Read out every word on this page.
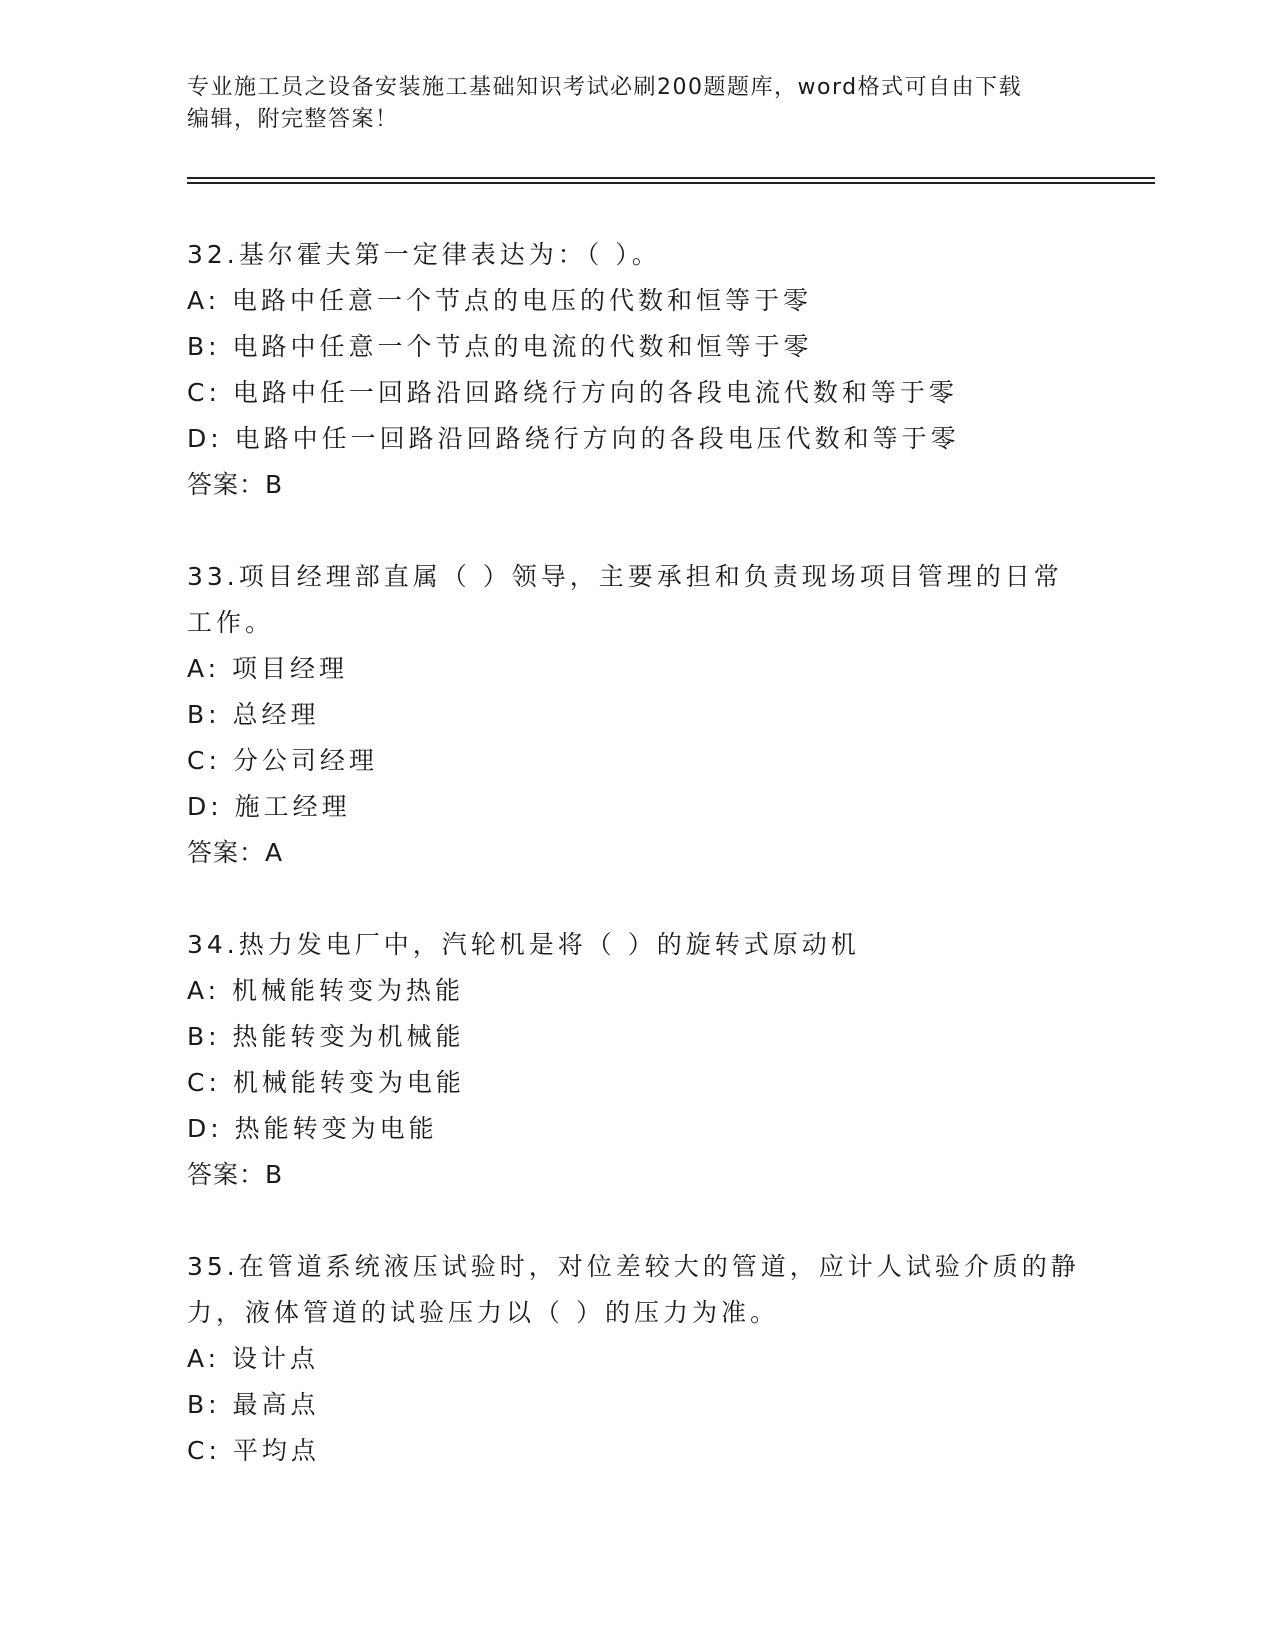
专业施工员之设备安装施工基础知识考试必刷200题题库，word格式可自由下载
编辑，附完整答案！
32.基尔霍夫第一定律表达为：（ ）。
A: 电路中任意一个节点的电压的代数和恒等于零
B: 电路中任意一个节点的电流的代数和恒等于零
C: 电路中任一回路沿回路绕行方向的各段电流代数和等于零
D: 电路中任一回路沿回路绕行方向的各段电压代数和等于零
答案：B
33.项目经理部直属（ ）领导，主要承担和负责现场项目管理的日常工作。
A: 项目经理
B: 总经理
C: 分公司经理
D: 施工经理
答案：A
34.热力发电厂中，汽轮机是将（ ）的旋转式原动机
A: 机械能转变为热能
B: 热能转变为机械能
C: 机械能转变为电能
D: 热能转变为电能
答案：B
35.在管道系统液压试验时，对位差较大的管道，应计人试验介质的静力，液体管道的试验压力以（ ）的压力为准。
A: 设计点
B: 最高点
C: 平均点
